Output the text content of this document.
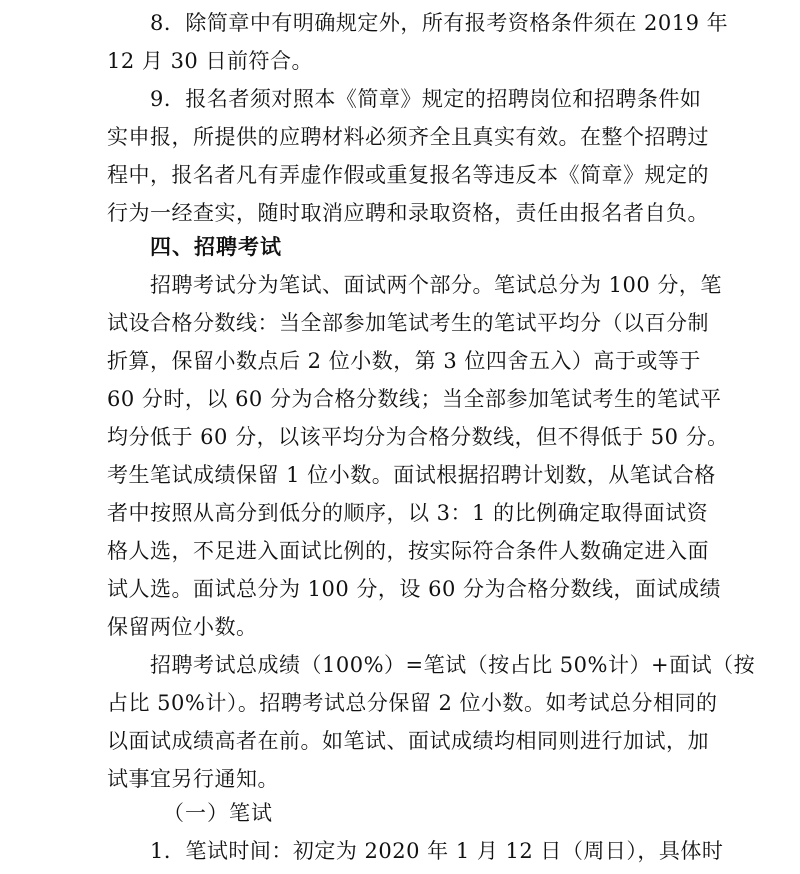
8．除简章中有明确规定外，所有报考资格条件须在 2019 年
12 月 30 日前符合。
9．报名者须对照本《简章》规定的招聘岗位和招聘条件如
实申报，所提供的应聘材料必须齐全且真实有效。在整个招聘过
程中，报名者凡有弄虚作假或重复报名等违反本《简章》规定的
行为一经查实，随时取消应聘和录取资格，责任由报名者自负。
四、招聘考试
招聘考试分为笔试、面试两个部分。笔试总分为 100 分，笔
试设合格分数线：当全部参加笔试考生的笔试平均分（以百分制
折算，保留小数点后 2 位小数，第 3 位四舍五入）高于或等于
60 分时，以 60 分为合格分数线；当全部参加笔试考生的笔试平
均分低于 60 分，以该平均分为合格分数线，但不得低于 50 分。
考生笔试成绩保留 1 位小数。面试根据招聘计划数，从笔试合格
者中按照从高分到低分的顺序，以 3：1 的比例确定取得面试资
格人选，不足进入面试比例的，按实际符合条件人数确定进入面
试人选。面试总分为 100 分，设 60 分为合格分数线，面试成绩
保留两位小数。
招聘考试总成绩（100%）=笔试（按占比 50%计）+面试（按
占比 50%计）。招聘考试总分保留 2 位小数。如考试总分相同的
以面试成绩高者在前。如笔试、面试成绩均相同则进行加试，加
试事宜另行通知。
（一）笔试
1．笔试时间：初定为 2020 年 1 月 12 日（周日），具体时
